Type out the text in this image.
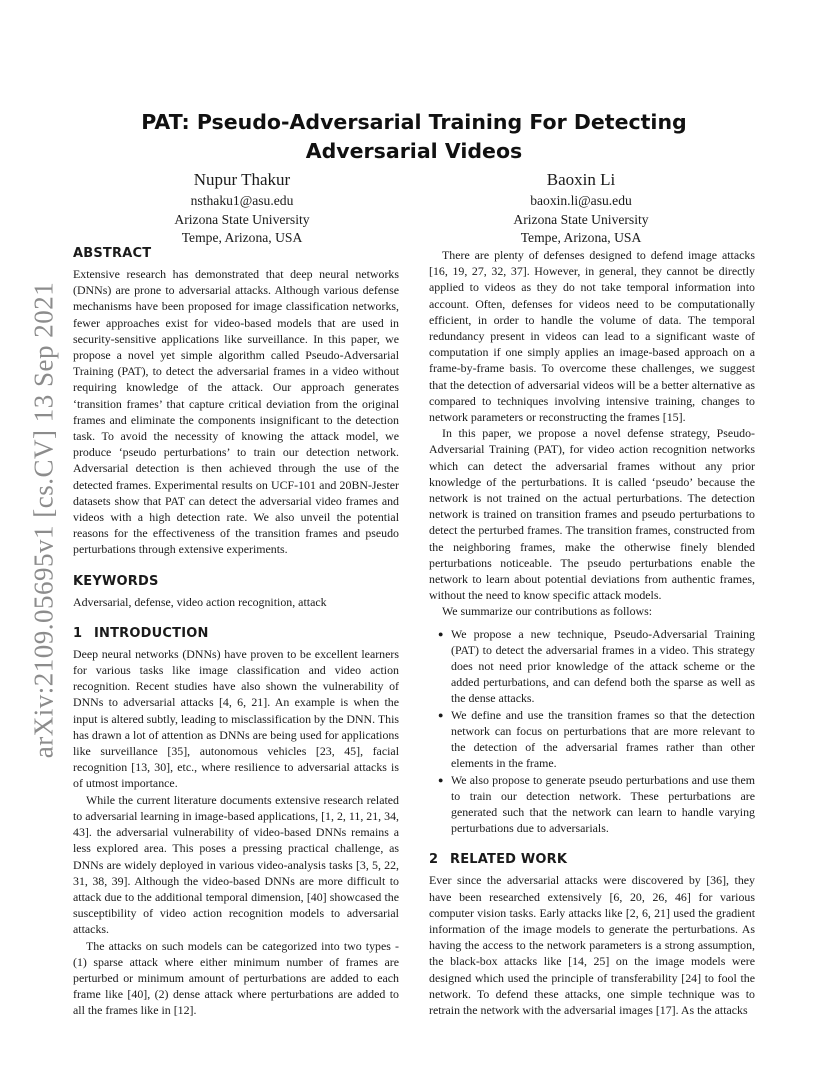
arXiv:2109.05695v1 [cs.CV] 13 Sep 2021
PAT: Pseudo-Adversarial Training For Detecting Adversarial Videos
Nupur Thakur
nsthaku1@asu.edu
Arizona State University
Tempe, Arizona, USA
Baoxin Li
baoxin.li@asu.edu
Arizona State University
Tempe, Arizona, USA
ABSTRACT

Extensive research has demonstrated that deep neural networks (DNNs) are prone to adversarial attacks. Although various defense mechanisms have been proposed for image classification networks, fewer approaches exist for video-based models that are used in security-sensitive applications like surveillance. In this paper, we propose a novel yet simple algorithm called Pseudo-Adversarial Training (PAT), to detect the adversarial frames in a video without requiring knowledge of the attack. Our approach generates ‘transition frames’ that capture critical deviation from the original frames and eliminate the components insignificant to the detection task. To avoid the necessity of knowing the attack model, we produce ‘pseudo perturbations’ to train our detection network. Adversarial detection is then achieved through the use of the detected frames. Experimental results on UCF-101 and 20BN-Jester datasets show that PAT can detect the adversarial video frames and videos with a high detection rate. We also unveil the potential reasons for the effectiveness of the transition frames and pseudo perturbations through extensive experiments.

KEYWORDS

Adversarial, defense, video action recognition, attack

1 INTRODUCTION

Deep neural networks (DNNs) have proven to be excellent learners for various tasks like image classification and video action recognition. Recent studies have also shown the vulnerability of DNNs to adversarial attacks [4, 6, 21]. An example is when the input is altered subtly, leading to misclassification by the DNN. This has drawn a lot of attention as DNNs are being used for applications like surveillance [35], autonomous vehicles [23, 45], facial recognition [13, 30], etc., where resilience to adversarial attacks is of utmost importance.

While the current literature documents extensive research related to adversarial learning in image-based applications, [1, 2, 11, 21, 34, 43]. the adversarial vulnerability of video-based DNNs remains a less explored area. This poses a pressing practical challenge, as DNNs are widely deployed in various video-analysis tasks [3, 5, 22, 31, 38, 39]. Although the video-based DNNs are more difficult to attack due to the additional temporal dimension, [40] showcased the susceptibility of video action recognition models to adversarial attacks.

The attacks on such models can be categorized into two types - (1) sparse attack where either minimum number of frames are perturbed or minimum amount of perturbations are added to each frame like [40], (2) dense attack where perturbations are added to all the frames like in [12].

There are plenty of defenses designed to defend image attacks [16, 19, 27, 32, 37]. However, in general, they cannot be directly applied to videos as they do not take temporal information into account. Often, defenses for videos need to be computationally efficient, in order to handle the volume of data. The temporal redundancy present in videos can lead to a significant waste of computation if one simply applies an image-based approach on a frame-by-frame basis. To overcome these challenges, we suggest that the detection of adversarial videos will be a better alternative as compared to techniques involving intensive training, changes to network parameters or reconstructing the frames [15].

In this paper, we propose a novel defense strategy, Pseudo-Adversarial Training (PAT), for video action recognition networks which can detect the adversarial frames without any prior knowledge of the perturbations. It is called ‘pseudo’ because the network is not trained on the actual perturbations. The detection network is trained on transition frames and pseudo perturbations to detect the perturbed frames. The transition frames, constructed from the neighboring frames, make the otherwise finely blended perturbations noticeable. The pseudo perturbations enable the network to learn about potential deviations from authentic frames, without the need to know specific attack models.

We summarize our contributions as follows:

● We propose a new technique, Pseudo-Adversarial Training (PAT) to detect the adversarial frames in a video. This strategy does not need prior knowledge of the attack scheme or the added perturbations, and can defend both the sparse as well as the dense attacks.
● We define and use the transition frames so that the detection network can focus on perturbations that are more relevant to the detection of the adversarial frames rather than other elements in the frame.
● We also propose to generate pseudo perturbations and use them to train our detection network. These perturbations are generated such that the network can learn to handle varying perturbations due to adversarials.
2 RELATED WORK

Ever since the adversarial attacks were discovered by [36], they have been researched extensively [6, 20, 26, 46] for various computer vision tasks. Early attacks like [2, 6, 21] used the gradient information of the image models to generate the perturbations. As having the access to the network parameters is a strong assumption, the black-box attacks like [14, 25] on the image models were designed which used the principle of transferability [24] to fool the network. To defend these attacks, one simple technique was to retrain the network with the adversarial images [17]. As the attacks
